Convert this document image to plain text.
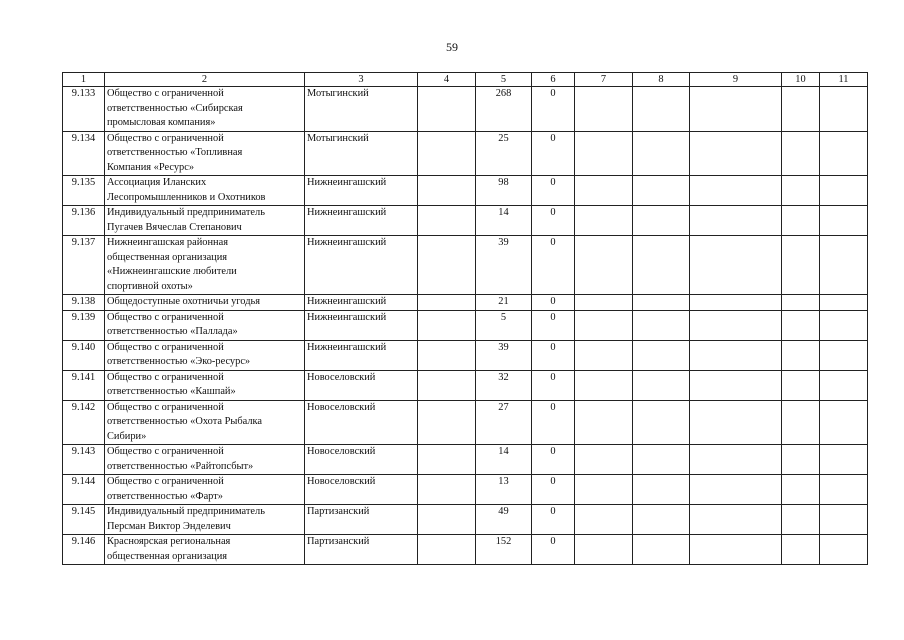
59
1	2	3	4	5	6	7	8	9	10	11
9.133	Общество с ограниченной
ответственностью «Сибирская
промысловая компания»	Мотыгинский		268	0					
9.134	Общество с ограниченной
ответственностью «Топливная
Компания «Ресурс»	Мотыгинский		25	0					
9.135	Ассоциация Иланских
Лесопромышленников и Охотников	Нижнеингашский		98	0					
9.136	Индивидуальный предприниматель
Пугачев Вячеслав Степанович	Нижнеингашский		14	0					
9.137	Нижнеингашская районная
общественная организация
«Нижнеингашские любители
спортивной охоты»	Нижнеингашский		39	0					
9.138	Общедоступные охотничьи угодья	Нижнеингашский		21	0					
9.139	Общество с ограниченной
ответственностью «Паллада»	Нижнеингашский		5	0					
9.140	Общество с ограниченной
ответственностью «Эко-ресурс»	Нижнеингашский		39	0					
9.141	Общество с ограниченной
ответственностью «Кашпай»	Новоселовский		32	0					
9.142	Общество с ограниченной
ответственностью «Охота Рыбалка
Сибири»	Новоселовский		27	0					
9.143	Общество с ограниченной
ответственностью «Райтопсбыт»	Новоселовский		14	0					
9.144	Общество с ограниченной
ответственностью «Фарт»	Новоселовский		13	0					
9.145	Индивидуальный предприниматель
Персман Виктор Энделевич	Партизанский		49	0					
9.146	Красноярская региональная
общественная организация	Партизанский		152	0					
